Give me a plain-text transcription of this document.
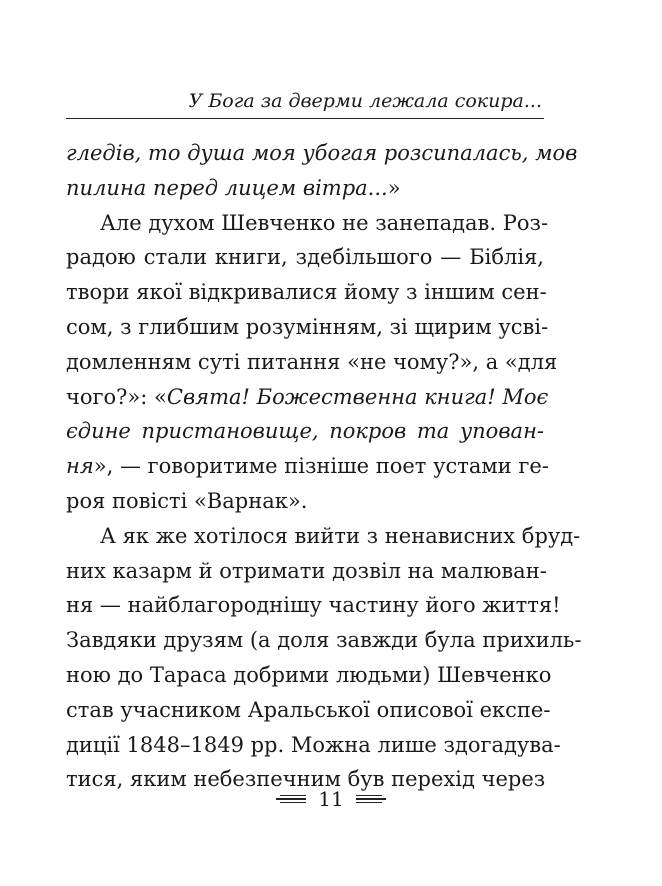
У Бога за дверми лежала сокира...
гледів, то душа моя убогая розсипалась, мов
пилина перед лицем вітра...»
Але духом Шевченко не занепадав. Роз-
радою стали книги, здебільшого — Біблія,
твори якої відкривалися йому з іншим сен-
сом, з глибшим розумінням, зі щирим усві-
домленням суті питання «не чому?», а «для
чого?»: «Свята! Божественна книга! Моє
єдине пристановище, покров та упован-
ня», — говоритиме пізніше поет устами ге-
роя повісті «Варнак».
А як же хотілося вийти з ненависних бруд-
них казарм й отримати дозвіл на малюван-
ня — найблагороднішу частину його життя!
Завдяки друзям (а доля завжди була прихиль-
ною до Тараса добрими людьми) Шевченко
став учасником Аральської описової експе-
диції 1848–1849 рр. Можна лише здогадува-
тися, яким небезпечним був перехід через
11
